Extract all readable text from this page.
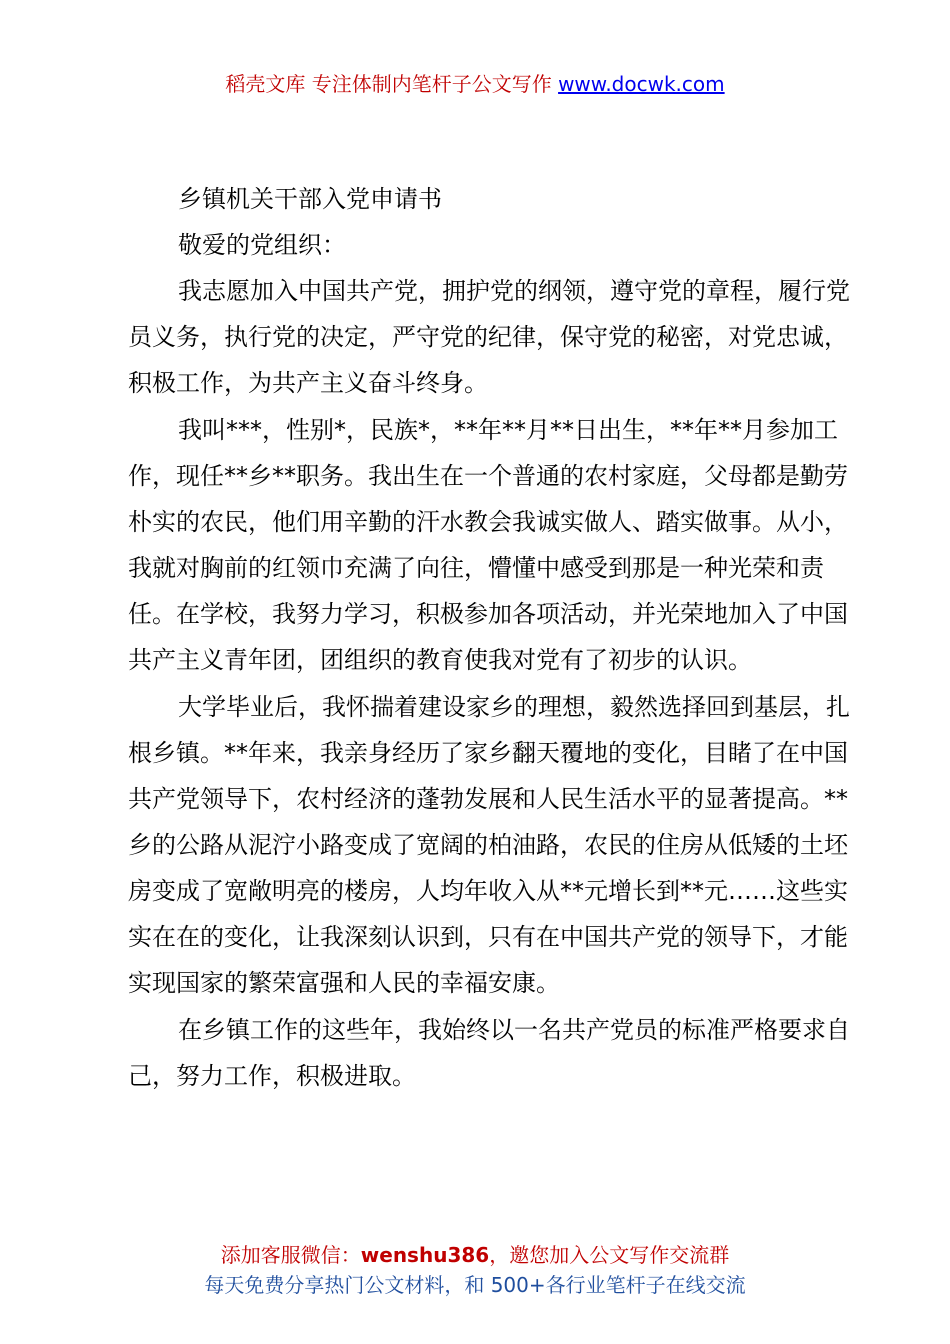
稻壳文库 专注体制内笔杆子公文写作 www.docwk.com

乡镇机关干部入党申请书

敬爱的党组织：

我志愿加入中国共产党，拥护党的纲领，遵守党的章程，履行党员义务，执行党的决定，严守党的纪律，保守党的秘密，对党忠诚，积极工作，为共产主义奋斗终身。

我叫***，性别*，民族*，**年**月**日出生，**年**月参加工作，现任**乡**职务。我出生在一个普通的农村家庭，父母都是勤劳朴实的农民，他们用辛勤的汗水教会我诚实做人、踏实做事。从小，我就对胸前的红领巾充满了向往，懵懂中感受到那是一种光荣和责任。在学校，我努力学习，积极参加各项活动，并光荣地加入了中国共产主义青年团，团组织的教育使我对党有了初步的认识。

大学毕业后，我怀揣着建设家乡的理想，毅然选择回到基层，扎根乡镇。**年来，我亲身经历了家乡翻天覆地的变化，目睹了在中国共产党领导下，农村经济的蓬勃发展和人民生活水平的显著提高。**乡的公路从泥泞小路变成了宽阔的柏油路，农民的住房从低矮的土坯房变成了宽敞明亮的楼房，人均年收入从**元增长到**元……这些实实在在的变化，让我深刻认识到，只有在中国共产党的领导下，才能实现国家的繁荣富强和人民的幸福安康。

在乡镇工作的这些年，我始终以一名共产党员的标准严格要求自己，努力工作，积极进取。

添加客服微信：wenshu386，邀您加入公文写作交流群
每天免费分享热门公文材料，和 500+各行业笔杆子在线交流
